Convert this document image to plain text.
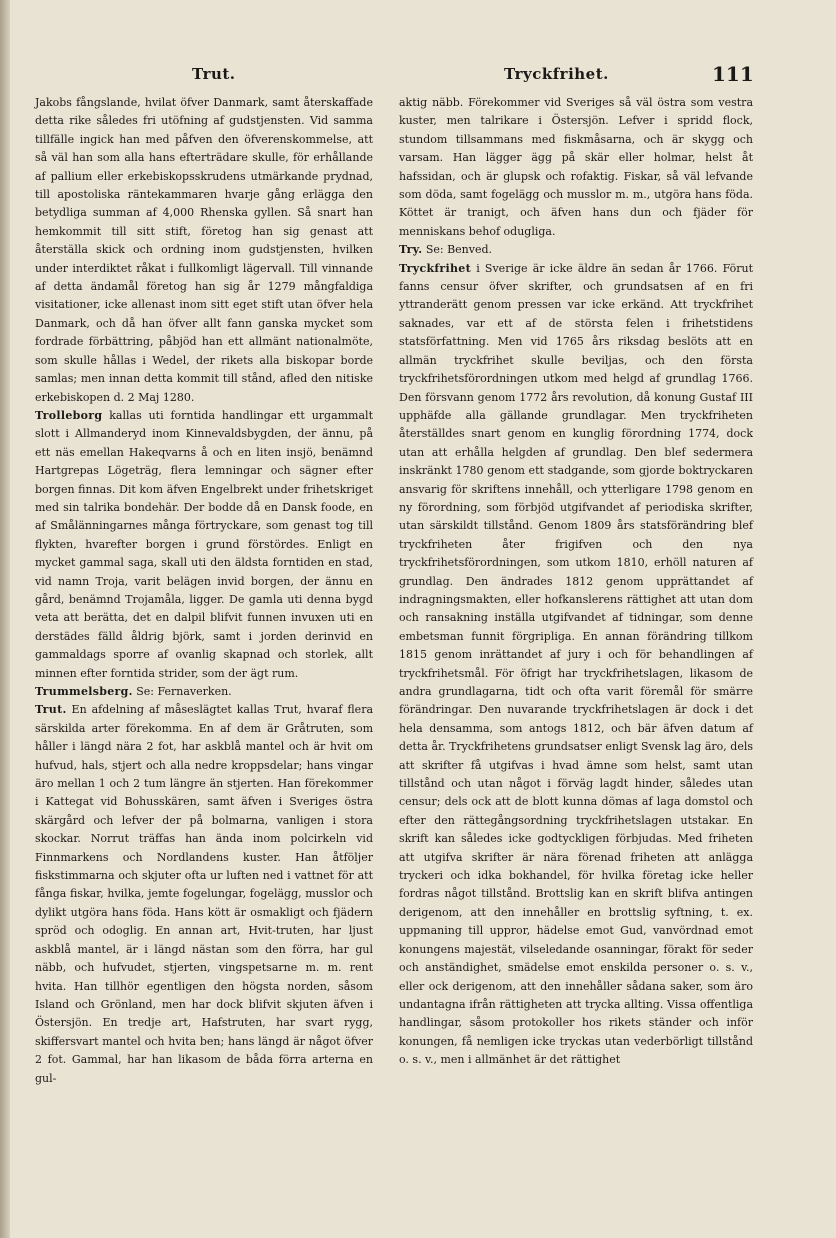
Trut.	Tryckfrihet.	111

Jakobs fångslande, hvilat öfver Danmark, samt återskaffade detta rike således fri utöfning af gudstjensten. Vid samma tillfälle ingick han med påfven den öfverenskommelse, att så väl han som alla hans efterträdare skulle, för erhållande af pallium eller erkebiskopsskrudens utmärkande prydnad, till apostoliska räntekammaren hvarje gång erlägga den betydliga summan af 4,000 Rhenska gyllen. Så snart han hemkommit till sitt stift, företog han sig genast att återställa skick och ordning inom gudstjensten, hvilken under interdiktet råkat i fullkomligt lägervall. Till vinnande af detta ändamål företog han sig år 1279 mångfaldiga visitationer, icke allenast inom sitt eget stift utan öfver hela Danmark, och då han öfver allt fann ganska mycket som fordrade förbättring, påbjöd han ett allmänt nationalmöte, som skulle hållas i Wedel, der rikets alla biskopar borde samlas; men innan detta kommit till stånd, afled den nitiske erkebiskopen d. 2 Maj 1280.

Trolleborg kallas uti forntida handlingar ett urgammalt slott i Allmanderyd inom Kinnevaldsbygden, der ännu, på ett näs emellan Hakeqvarns å och en liten insjö, benämnd Hartgrepas Lögeträg, flera lemningar och sägner efter borgen finnas. Dit kom äfven Engelbrekt under frihetskriget med sin talrika bondehär. Der bodde då en Dansk foode, en af Smålänningarnes många förtryckare, som genast tog till flykten, hvarefter borgen i grund förstördes. Enligt en mycket gammal saga, skall uti den äldsta forntiden en stad, vid namn Troja, varit belägen invid borgen, der ännu en gård, benämnd Trojamåla, ligger. De gamla uti denna bygd veta att berätta, det en dalpil blifvit funnen invuxen uti en derstädes fälld åldrig björk, samt i jorden derinvid en gammaldags sporre af ovanlig skapnad och storlek, allt minnen efter forntida strider, som der ägt rum.

Trummelsberg. Se: Fernaverken.

Trut. En afdelning af måseslägtet kallas Trut, hvaraf flera särskilda arter förekomma. En af dem är Gråtruten, som håller i längd nära 2 fot, har askblå mantel och är hvit om hufvud, hals, stjert och alla nedre kroppsdelar; hans vingar äro mellan 1 och 2 tum längre än stjerten. Han förekommer i Kattegat vid Bohusskären, samt äfven i Sveriges östra skärgård och lefver der på bolmarna, vanligen i stora skockar. Norrut träffas han ända inom polcirkeln vid Finnmarkens och Nordlandens kuster. Han åtföljer fiskstimmarna och skjuter ofta ur luften ned i vattnet för att fånga fiskar, hvilka, jemte fogelungar, fogelägg, musslor och dylikt utgöra hans föda. Hans kött är osmakligt och fjädern spröd och odoglig. En annan art, Hvit-truten, har ljust askblå mantel, är i längd nästan som den förra, har gul näbb, och hufvudet, stjerten, vingspetsarne m. m. rent hvita. Han tillhör egentligen den högsta norden, såsom Island och Grönland, men har dock blifvit skjuten äfven i Östersjön. En tredje art, Hafstruten, har svart rygg, skiffersvart mantel och hvita ben; hans längd är något öfver 2 fot. Gammal, har han likasom de båda förra arterna en gul-

aktig näbb. Förekommer vid Sveriges så väl östra som vestra kuster, men talrikare i Östersjön. Lefver i spridd flock, stundom tillsammans med fiskmåsarna, och är skygg och varsam. Han lägger ägg på skär eller holmar, helst åt hafssidan, och är glupsk och rofaktig. Fiskar, så väl lefvande som döda, samt fogelägg och musslor m. m., utgöra hans föda. Köttet är tranigt, och äfven hans dun och fjäder för menniskans behof odugliga.

Try. Se: Benved.

Tryckfrihet i Sverige är icke äldre än sedan år 1766. Förut fanns censur öfver skrifter, och grundsatsen af en fri yttranderätt genom pressen var icke erkänd. Att tryckfrihet saknades, var ett af de största felen i frihetstidens statsförfattning. Men vid 1765 års riksdag beslöts att en allmän tryckfrihet skulle beviljas, och den första tryckfrihetsförordningen utkom med helgd af grundlag 1766. Den försvann genom 1772 års revolution, då konung Gustaf III upphäfde alla gällande grundlagar. Men tryckfriheten återställdes snart genom en kunglig förordning 1774, dock utan att erhålla helgden af grundlag. Den blef sedermera inskränkt 1780 genom ett stadgande, som gjorde boktryckaren ansvarig för skriftens innehåll, och ytterligare 1798 genom en ny förordning, som förbjöd utgifvandet af periodiska skrifter, utan särskildt tillstånd. Genom 1809 års statsförändring blef tryckfriheten åter frigifven och den nya tryckfrihetsförordningen, som utkom 1810, erhöll naturen af grundlag. Den ändrades 1812 genom upprättandet af indragningsmakten, eller hofkanslerens rättighet att utan dom och ransakning inställa utgifvandet af tidningar, som denne embetsman funnit förgripliga. En annan förändring tillkom 1815 genom inrättandet af jury i och för behandlingen af tryckfrihetsmål. För öfrigt har tryckfrihetslagen, likasom de andra grundlagarna, tidt och ofta varit föremål för smärre förändringar. Den nuvarande tryckfrihetslagen är dock i det hela densamma, som antogs 1812, och bär äfven datum af detta år. Tryckfrihetens grundsatser enligt Svensk lag äro, dels att skrifter få utgifvas i hvad ämne som helst, samt utan tillstånd och utan något i förväg lagdt hinder, således utan censur; dels ock att de blott kunna dömas af laga domstol och efter den rättegångsordning tryckfrihetslagen utstakar. En skrift kan således icke godtyckligen förbjudas. Med friheten att utgifva skrifter är nära förenad friheten att anlägga tryckeri och idka bokhandel, för hvilka företag icke heller fordras något tillstånd. Brottslig kan en skrift blifva antingen derigenom, att den innehåller en brottslig syftning, t. ex. uppmaning till uppror, hädelse emot Gud, vanvördnad emot konungens majestät, vilseledande osanningar, förakt för seder och anständighet, smädelse emot enskilda personer o. s. v., eller ock derigenom, att den innehåller sådana saker, som äro undantagna ifrån rättigheten att trycka allting. Vissa offentliga handlingar, såsom protokoller hos rikets ständer och inför konungen, få nemligen icke tryckas utan vederbörligt tillstånd o. s. v., men i allmänhet är det rättighet
